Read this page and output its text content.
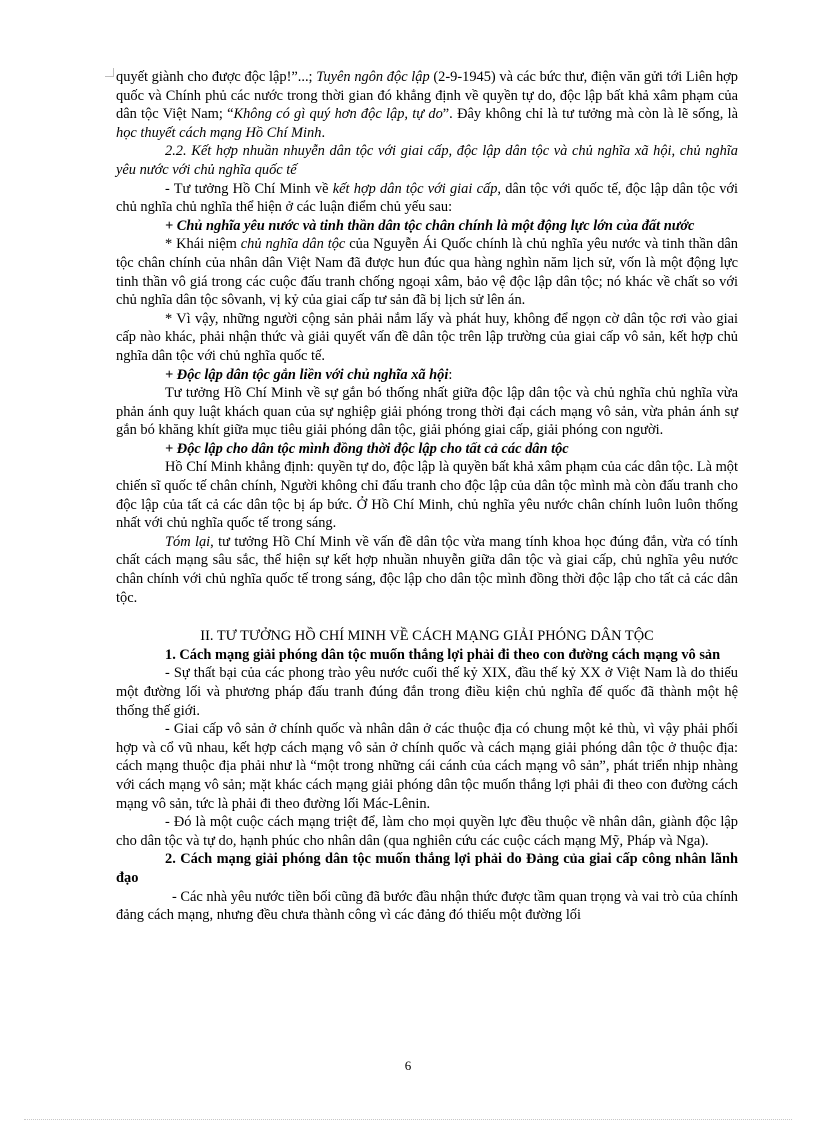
quyết giành cho được độc lập!”...; Tuyên ngôn độc lập (2-9-1945) và các bức thư, điện văn gửi tới Liên hợp quốc và Chính phủ các nước trong thời gian đó khẳng định về quyền tự do, độc lập bất khả xâm phạm của dân tộc Việt Nam; “Không có gì quý hơn độc lập, tự do”. Đây không chỉ là tư tưởng mà còn là lẽ sống, là học thuyết cách mạng Hồ Chí Minh.

2.2. Kết hợp nhuần nhuyễn dân tộc với giai cấp, độc lập dân tộc và chủ nghĩa xã hội, chủ nghĩa yêu nước với chủ nghĩa quốc tế

- Tư tưởng Hồ Chí Minh về kết hợp dân tộc với giai cấp, dân tộc với quốc tế, độc lập dân tộc với chủ nghĩa chủ nghĩa thể hiện ở các luận điểm chủ yếu sau:

+ Chủ nghĩa yêu nước và tinh thần dân tộc chân chính là một động lực lớn của đất nước

* Khái niệm chủ nghĩa dân tộc của Nguyễn Ái Quốc chính là chủ nghĩa yêu nước và tinh thần dân tộc chân chính của nhân dân Việt Nam đã được hun đúc qua hàng nghìn năm lịch sử, vốn là một động lực tinh thần vô giá trong các cuộc đấu tranh chống ngoại xâm, bảo vệ độc lập dân tộc; nó khác về chất so với chủ nghĩa dân tộc sôvanh, vị kỷ của giai cấp tư sản đã bị lịch sử lên án.

* Vì vậy, những người cộng sản phải nắm lấy và phát huy, không để ngọn cờ dân tộc rơi vào giai cấp nào khác, phải nhận thức và giải quyết vấn đề dân tộc trên lập trường của giai cấp vô sản, kết hợp chủ nghĩa dân tộc với chủ nghĩa quốc tế.

+ Độc lập dân tộc gắn liền với chủ nghĩa xã hội:

Tư tưởng Hồ Chí Minh về sự gắn bó thống nhất giữa độc lập dân tộc và chủ nghĩa chủ nghĩa vừa phản ánh quy luật khách quan của sự nghiệp giải phóng trong thời đại cách mạng vô sản, vừa phản ánh sự gắn bó khăng khít giữa mục tiêu giải phóng dân tộc, giải phóng giai cấp, giải phóng con người.

+ Độc lập cho dân tộc mình đồng thời độc lập cho tất cả các dân tộc

Hồ Chí Minh khẳng định: quyền tự do, độc lập là quyền bất khả xâm phạm của các dân tộc. Là một chiến sĩ quốc tế chân chính, Người không chỉ đấu tranh cho độc lập của dân tộc mình mà còn đấu tranh cho độc lập của tất cả các dân tộc bị áp bức. Ở Hồ Chí Minh, chủ nghĩa yêu nước chân chính luôn luôn thống nhất với chủ nghĩa quốc tế trong sáng.

Tóm lại, tư tưởng Hồ Chí Minh về vấn đề dân tộc vừa mang tính khoa học đúng đắn, vừa có tính chất cách mạng sâu sắc, thể hiện sự kết hợp nhuần nhuyễn giữa dân tộc và giai cấp, chủ nghĩa yêu nước chân chính với chủ nghĩa quốc tế trong sáng, độc lập cho dân tộc mình đồng thời độc lập cho tất cả các dân tộc.

II. TƯ TƯỞNG HỒ CHÍ MINH VỀ CÁCH MẠNG GIẢI PHÓNG DÂN TỘC

1. Cách mạng giải phóng dân tộc muốn thắng lợi phải đi theo con đường cách mạng vô sản

- Sự thất bại của các phong trào yêu nước cuối thế kỷ XIX, đầu thế kỷ XX ở Việt Nam là do thiếu một đường lối và phương pháp đấu tranh đúng đắn trong điều kiện chủ nghĩa đế quốc đã thành một hệ thống thế giới.

- Giai cấp vô sản ở chính quốc và nhân dân ở các thuộc địa có chung một kẻ thù, vì vậy phải phối hợp và cổ vũ nhau, kết hợp cách mạng vô sản ở chính quốc và cách mạng giải phóng dân tộc ở thuộc địa: cách mạng thuộc địa phải như là “một trong những cái cánh của cách mạng vô sản”, phát triển nhịp nhàng với cách mạng vô sản; mặt khác cách mạng giải phóng dân tộc muốn thắng lợi phải đi theo con đường cách mạng vô sản, tức là phải đi theo đường lối Mác-Lênin.

- Đó là một cuộc cách mạng triệt để, làm cho mọi quyền lực đều thuộc về nhân dân, giành độc lập cho dân tộc và tự do, hạnh phúc cho nhân dân (qua nghiên cứu các cuộc cách mạng Mỹ, Pháp và Nga).

2. Cách mạng giải phóng dân tộc muốn thắng lợi phải do Đảng của giai cấp công nhân lãnh đạo

- Các nhà yêu nước tiền bối cũng đã bước đầu nhận thức được tầm quan trọng và vai trò của chính đảng cách mạng, nhưng đều chưa thành công vì các đảng đó thiếu một đường lối

6
